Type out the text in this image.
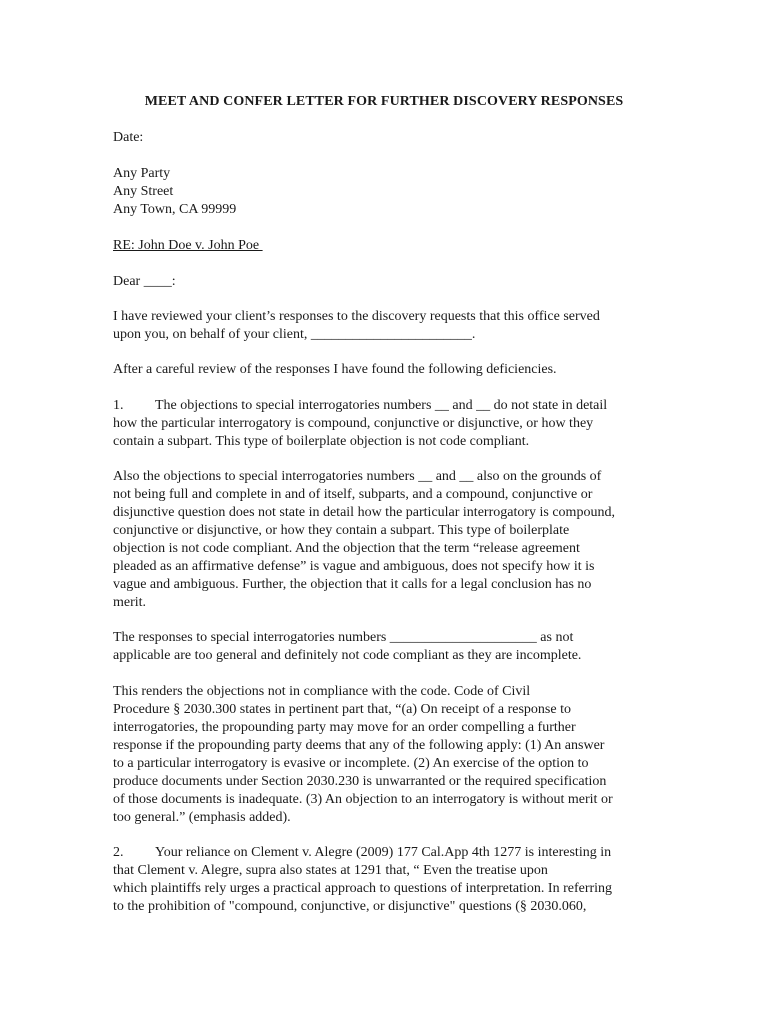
MEET AND CONFER LETTER FOR FURTHER DISCOVERY RESPONSES
Date:
Any Party
Any Street
Any Town, CA 99999
RE: John Doe v. John Poe
Dear ____:
I have reviewed your client’s responses to the discovery requests that this office served
upon you, on behalf of your client, _______________________.
After a careful review of the responses I have found the following deficiencies.
1. The objections to special interrogatories numbers __ and __ do not state in detail
how the particular interrogatory is compound, conjunctive or disjunctive, or how they
contain a subpart. This type of boilerplate objection is not code compliant.
Also the objections to special interrogatories numbers __ and __ also on the grounds of
not being full and complete in and of itself, subparts, and a compound, conjunctive or
disjunctive question does not state in detail how the particular interrogatory is compound,
conjunctive or disjunctive, or how they contain a subpart. This type of boilerplate
objection is not code compliant. And the objection that the term “release agreement
pleaded as an affirmative defense” is vague and ambiguous, does not specify how it is
vague and ambiguous. Further, the objection that it calls for a legal conclusion has no
merit.
The responses to special interrogatories numbers _____________________ as not
applicable are too general and definitely not code compliant as they are incomplete.
This renders the objections not in compliance with the code. Code of Civil
Procedure § 2030.300 states in pertinent part that, “(a) On receipt of a response to
interrogatories, the propounding party may move for an order compelling a further
response if the propounding party deems that any of the following apply: (1) An answer
to a particular interrogatory is evasive or incomplete. (2) An exercise of the option to
produce documents under Section 2030.230 is unwarranted or the required specification
of those documents is inadequate. (3) An objection to an interrogatory is without merit or
too general.” (emphasis added).
2. Your reliance on Clement v. Alegre (2009) 177 Cal.App 4th 1277 is interesting in
that Clement v. Alegre, supra also states at 1291 that, “ Even the treatise upon
which plaintiffs rely urges a practical approach to questions of interpretation. In referring
to the prohibition of "compound, conjunctive, or disjunctive" questions (§ 2030.060,
